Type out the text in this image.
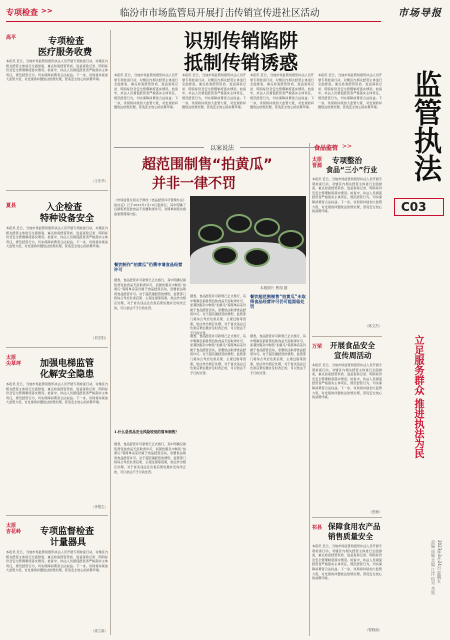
专项检查 >>	临汾市市场监管局开展打击传销宣传进社区活动	市场导报
监管执法
C03
立足服务群众 推进执法为民
2023年2月24日 星期五
责编 周颖 美编 江洋 校对 李媛
高平	专项检查
医疗服务收费
本报讯 近日，当地市场监管局组织执法人员开展专项检查行动，对辖区内相关经营主体进行全面排查，重点检查经营资质、进货查验记录、明码标价及安全管理制度落实情况。检查中，执法人员督促经营者严格落实主体责任，规范经营行为，切实保障消费者合法权益。下一步，该局将持续加大监管力度，对发现的问题依法依规处理，营造安全放心的消费环境。
（王东华）
夏县	入企检查
特种设备安全
本报讯 近日，当地市场监管局组织执法人员开展专项检查行动，对辖区内相关经营主体进行全面排查，重点检查经营资质、进货查验记录、明码标价及安全管理制度落实情况。检查中，执法人员督促经营者严格落实主体责任，规范经营行为，切实保障消费者合法权益。下一步，该局将持续加大监管力度，对发现的问题依法依规处理，营造安全放心的消费环境。
（刘宏阳）
太原
尖草坪 加强电梯监管
化解安全隐患
本报讯 近日，当地市场监管局组织执法人员开展专项检查行动，对辖区内相关经营主体进行全面排查，重点检查经营资质、进货查验记录、明码标价及安全管理制度落实情况。检查中，执法人员督促经营者严格落实主体责任，规范经营行为，切实保障消费者合法权益。下一步，该局将持续加大监管力度，对发现的问题依法依规处理，营造安全放心的消费环境。
（李银生）
太原
杏花岭 专项监督检查
计量器具
本报讯 近日，当地市场监管局组织执法人员开展专项检查行动，对辖区内相关经营主体进行全面排查，重点检查经营资质、进货查验记录、明码标价及安全管理制度落实情况。检查中，执法人员督促经营者严格落实主体责任，规范经营行为，切实保障消费者合法权益。下一步，该局将持续加大监管力度，对发现的问题依法依规处理，营造安全放心的消费环境。
（梁立新）
识别传销陷阱
抵制传销诱惑
本报讯 近日，当地市场监管局组织执法人员开展专项检查行动，对辖区内相关经营主体进行全面排查，重点检查经营资质、进货查验记录、明码标价及安全管理制度落实情况。检查中，执法人员督促经营者严格落实主体责任，规范经营行为，切实保障消费者合法权益。下一步，该局将持续加大监管力度，对发现的问题依法依规处理，营造安全放心的消费环境。
本报讯 近日，当地市场监管局组织执法人员开展专项检查行动，对辖区内相关经营主体进行全面排查，重点检查经营资质、进货查验记录、明码标价及安全管理制度落实情况。检查中，执法人员督促经营者严格落实主体责任，规范经营行为，切实保障消费者合法权益。下一步，该局将持续加大监管力度，对发现的问题依法依规处理，营造安全放心的消费环境。
本报讯 近日，当地市场监管局组织执法人员开展专项检查行动，对辖区内相关经营主体进行全面排查，重点检查经营资质、进货查验记录、明码标价及安全管理制度落实情况。检查中，执法人员督促经营者严格落实主体责任，规范经营行为，切实保障消费者合法权益。下一步，该局将持续加大监管力度，对发现的问题依法依规处理，营造安全放心的消费环境。
本报讯 近日，当地市场监管局组织执法人员开展专项检查行动，对辖区内相关经营主体进行全面排查，重点检查经营资质、进货查验记录、明码标价及安全管理制度落实情况。检查中，执法人员督促经营者严格落实主体责任，规范经营行为，切实保障消费者合法权益。下一步，该局将持续加大监管力度，对发现的问题依法依规处理，营造安全放心的消费环境。
以案说法
超范围制售“拍黄瓜”
并非一律不罚
《市场监管总局关于修改《食品经营许可管理办法》的决定》已于2023年1月10日起施行。其中明确了仅销售预包装食品不需要取得许可，对简单制售实施备案管理等内容。
餐饮制作“拍黄瓜”仍需申请食品经营许可
据悉，食品经营许可新规已正式施行，其中明确仅销售预包装食品无需取得许可，而餐饮服务中制售“拍黄瓜”等简单凉菜仍属于食品经营活动，需要依法取得食品经营许可。对于超范围经营的情形，监管部门将综合考虑危害后果、主观过错等因素，依法作出相应处理，对于首次违法且危害后果轻微并及时改正的，可以依法不予行政处罚。
1.什么是食品安全风险较低的简单制售？
据悉，食品经营许可新规已正式施行，其中明确仅销售预包装食品无需取得许可，而餐饮服务中制售“拍黄瓜”等简单凉菜仍属于食品经营活动，需要依法取得食品经营许可。对于超范围经营的情形，监管部门将综合考虑危害后果、主观过错等因素，依法作出相应处理，对于首次违法且危害后果轻微并及时改正的，可以依法不予行政处罚。
本版图片 曹翔 摄
据悉，食品经营许可新规已正式施行，其中明确仅销售预包装食品无需取得许可，而餐饮服务中制售“拍黄瓜”等简单凉菜仍属于食品经营活动，需要依法取得食品经营许可。对于超范围经营的情形，监管部门将综合考虑危害后果、主观过错等因素，依法作出相应处理，对于首次违法且危害后果轻微并及时改正的，可以依法不予行政处罚。
餐饮超范围制售“拍黄瓜”未取得食品经营许可仍可能面临处罚
据悉，食品经营许可新规已正式施行，其中明确仅销售预包装食品无需取得许可，而餐饮服务中制售“拍黄瓜”等简单凉菜仍属于食品经营活动，需要依法取得食品经营许可。对于超范围经营的情形，监管部门将综合考虑危害后果、主观过错等因素，依法作出相应处理，对于首次违法且危害后果轻微并及时改正的，可以依法不予行政处罚。
据悉，食品经营许可新规已正式施行，其中明确仅销售预包装食品无需取得许可，而餐饮服务中制售“拍黄瓜”等简单凉菜仍属于食品经营活动，需要依法取得食品经营许可。对于超范围经营的情形，监管部门将综合考虑危害后果、主观过错等因素，依法作出相应处理，对于首次违法且危害后果轻微并及时改正的，可以依法不予行政处罚。
食品监管 >>
太原
晋源
专项整治
食品“三小”行业
本报讯 近日，当地市场监管局组织执法人员开展专项检查行动，对辖区内相关经营主体进行全面排查，重点检查经营资质、进货查验记录、明码标价及安全管理制度落实情况。检查中，执法人员督促经营者严格落实主体责任，规范经营行为，切实保障消费者合法权益。下一步，该局将持续加大监管力度，对发现的问题依法依规处理，营造安全放心的消费环境。
（姚文杰）
万荣 开展食品安全
宣传周活动
本报讯 近日，当地市场监管局组织执法人员开展专项检查行动，对辖区内相关经营主体进行全面排查，重点检查经营资质、进货查验记录、明码标价及安全管理制度落实情况。检查中，执法人员督促经营者严格落实主体责任，规范经营行为，切实保障消费者合法权益。下一步，该局将持续加大监管力度，对发现的问题依法依规处理，营造安全放心的消费环境。
（张楠）
祁县 保障食用农产品
销售质量安全
本报讯 近日，当地市场监管局组织执法人员开展专项检查行动，对辖区内相关经营主体进行全面排查，重点检查经营资质、进货查验记录、明码标价及安全管理制度落实情况。检查中，执法人员督促经营者严格落实主体责任，规范经营行为，切实保障消费者合法权益。下一步，该局将持续加大监管力度，对发现的问题依法依规处理，营造安全放心的消费环境。
（程晓琼）
